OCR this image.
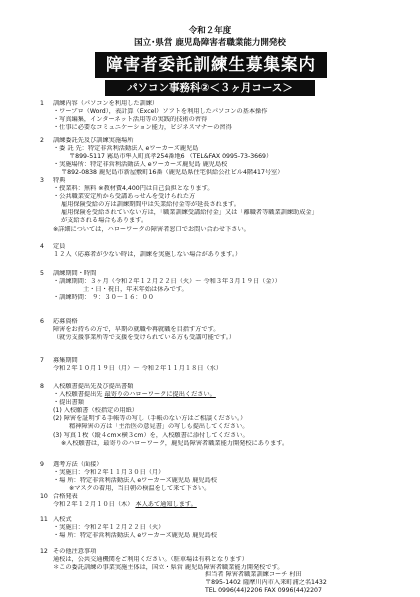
令和２年度
国立･県営 鹿児島障害者職業能力開発校
障害者委託訓練生募集案内
パソコン事務科②＜３ヶ月コース＞
1	訓練内容（パソコンを利用した訓練）
・ワープロ（Word），表計算（Excel）ソフトを利用したパソコンの基本操作
・写真編集，インターネット活用等の実践的技術の習得
・仕事に必要なコミュニケーション能力，ビジネスマナーの習得
2	訓練委託先及び訓練実施場所
・委 託 先：特定非営利活動法人 eワーカーズ鹿児島
〒899-5117 霧島市隼人町真孝254番地6 （TEL&FAX 0995-73-3669）
・実施場所：特定非営利活動法人 eワーカーズ鹿児島 鹿児島校
〒892-0838 鹿児島市新屋敷町16番（鹿児島県住宅供給公社ビル4階417号室）
3	特典
・授業料：無料 ※教材費4,400円は自己負担となります。
・公共職業安定所から受講あっせんを受けられた方
雇用保険受給の方は訓練期間中は失業給付金等が延長されます。
雇用保険を受給されていない方は，「職業訓練受講給付金」又は「離職者等職業訓練助成金」
が支給される場合もあります。
※詳細については，ハローワークの障害者窓口でお問い合わせ下さい。
4	定員
１２人（応募者が少ない時は，訓練を実施しない場合があります。）
5	訓練期間・時間
・訓練期間：３ヶ月（令和２年１２月２２日（火）～ 令和３年３月１９日（金））
土・日・祝日，年末年始は休みです。
・訓練時間： ９：３０～１６：００
6	応募資格
障害をお持ちの方で，早期の就職や再就職を目指す方です。
（就労支援事業所等で支援を受けられている方も受講可能です。）
7	募集期間
令和２年１０月１９日（月）～ 令和２年１１月１８日（水）
8	入校願書提出先及び提出書類
・入校願書提出先 最寄りのハローワークに提出ください。
・提出書類
(1) 入校願書（校指定の用紙）
(2) 障害を証明する手帳等の写し（手帳のない方はご相談ください。）
精神障害の方は「主治医の意見書」の写しも提出してください。
(3) 写真１枚（縦４cm×横３cm）を，入校願書に添付してください。
※入校願書は，最寄りのハローワーク，鹿児島障害者職業能力開発校にあります。
9	選考方法（面接）
・実施日：令和２年１１月３０日（月）
・場 所：特定非営利活動法人 eワーカーズ鹿児島 鹿児島校
※マスクの着用，当日朝の検温をして来て下さい。
10 合格発表
令和２年１２月１０日（木） 本人あて通知します。
11 入校式
・実施日：令和２年１２月２２日（火）
・場 所：特定非営利活動法人 eワーカーズ鹿児島 鹿児島校
12 その他注意事項
通校は，公共交通機関をご利用ください。（駐車場は有料となります）
＊この委託訓練の事業実施主体は，国立・県営 鹿児島障害者職業能力開発校です。
担当者 障害者職業訓練コーチ 村田
〒895-1402 薩摩川内市入来町浦之名1432
TEL 0996(44)2206 FAX 0996(44)2207
